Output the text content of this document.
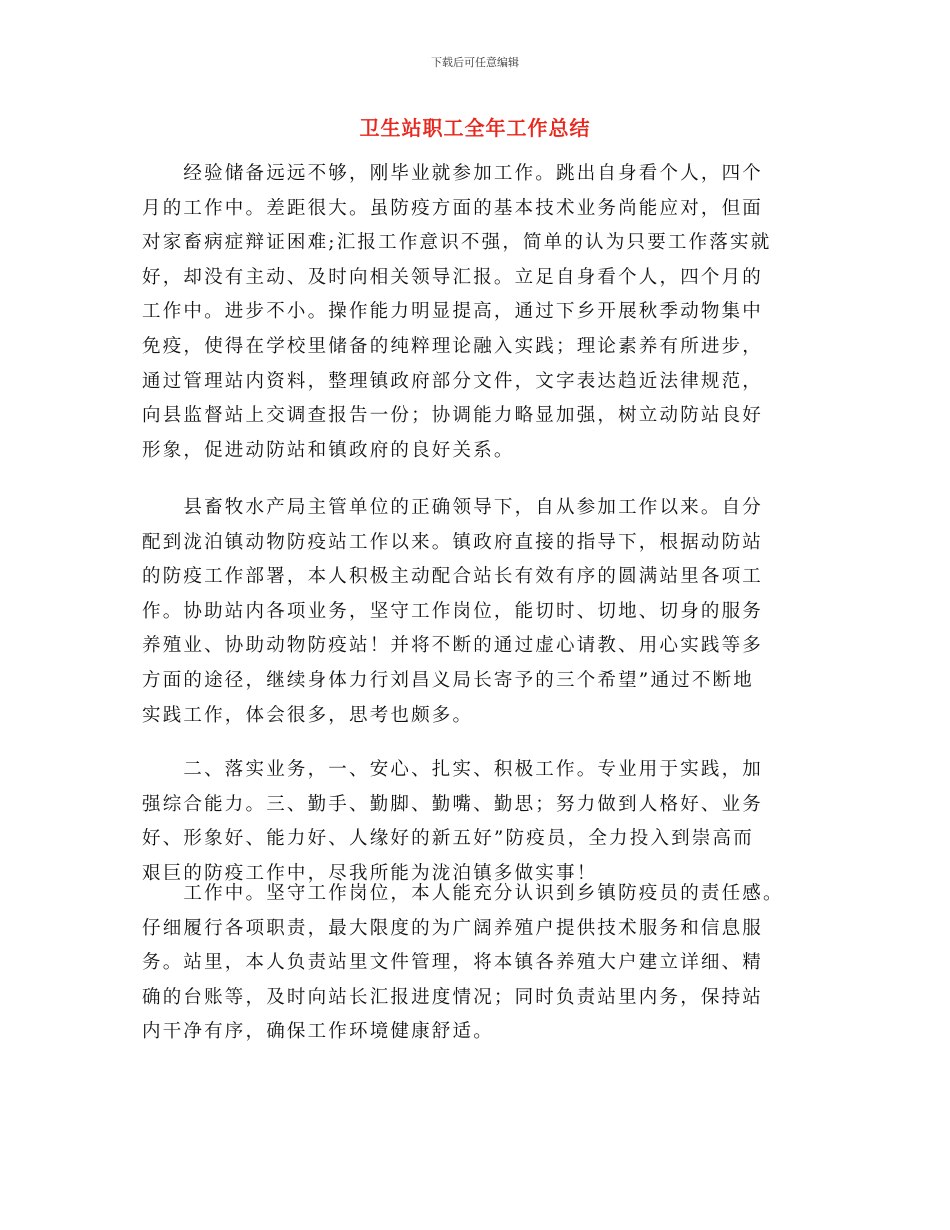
下载后可任意编辑
卫生站职工全年工作总结
　　经验储备远远不够，刚毕业就参加工作。跳出自身看个人，四个
月的工作中。差距很大。虽防疫方面的基本技术业务尚能应对，但面
对家畜病症辩证困难;汇报工作意识不强，简单的认为只要工作落实就
好，却没有主动、及时向相关领导汇报。立足自身看个人，四个月的
工作中。进步不小。操作能力明显提高，通过下乡开展秋季动物集中
免疫，使得在学校里储备的纯粹理论融入实践；理论素养有所进步，
通过管理站内资料，整理镇政府部分文件，文字表达趋近法律规范，
向县监督站上交调查报告一份；协调能力略显加强，树立动防站良好
形象，促进动防站和镇政府的良好关系。
　　县畜牧水产局主管单位的正确领导下，自从参加工作以来。自分
配到泷泊镇动物防疫站工作以来。镇政府直接的指导下，根据动防站
的防疫工作部署，本人积极主动配合站长有效有序的圆满站里各项工
作。协助站内各项业务，坚守工作岗位，能切时、切地、切身的服务
养殖业、协助动物防疫站！并将不断的通过虚心请教、用心实践等多
方面的途径，继续身体力行刘昌义局长寄予的三个希望”通过不断地
实践工作，体会很多，思考也颇多。
　　二、落实业务，一、安心、扎实、积极工作。专业用于实践，加
强综合能力。三、勤手、勤脚、勤嘴、勤思；努力做到人格好、业务
好、形象好、能力好、人缘好的新五好”防疫员，全力投入到崇高而
艰巨的防疫工作中，尽我所能为泷泊镇多做实事！
　　工作中。坚守工作岗位，本人能充分认识到乡镇防疫员的责任感。
仔细履行各项职责，最大限度的为广阔养殖户提供技术服务和信息服
务。站里，本人负责站里文件管理，将本镇各养殖大户建立详细、精
确的台账等，及时向站长汇报进度情况；同时负责站里内务，保持站
内干净有序，确保工作环境健康舒适。
